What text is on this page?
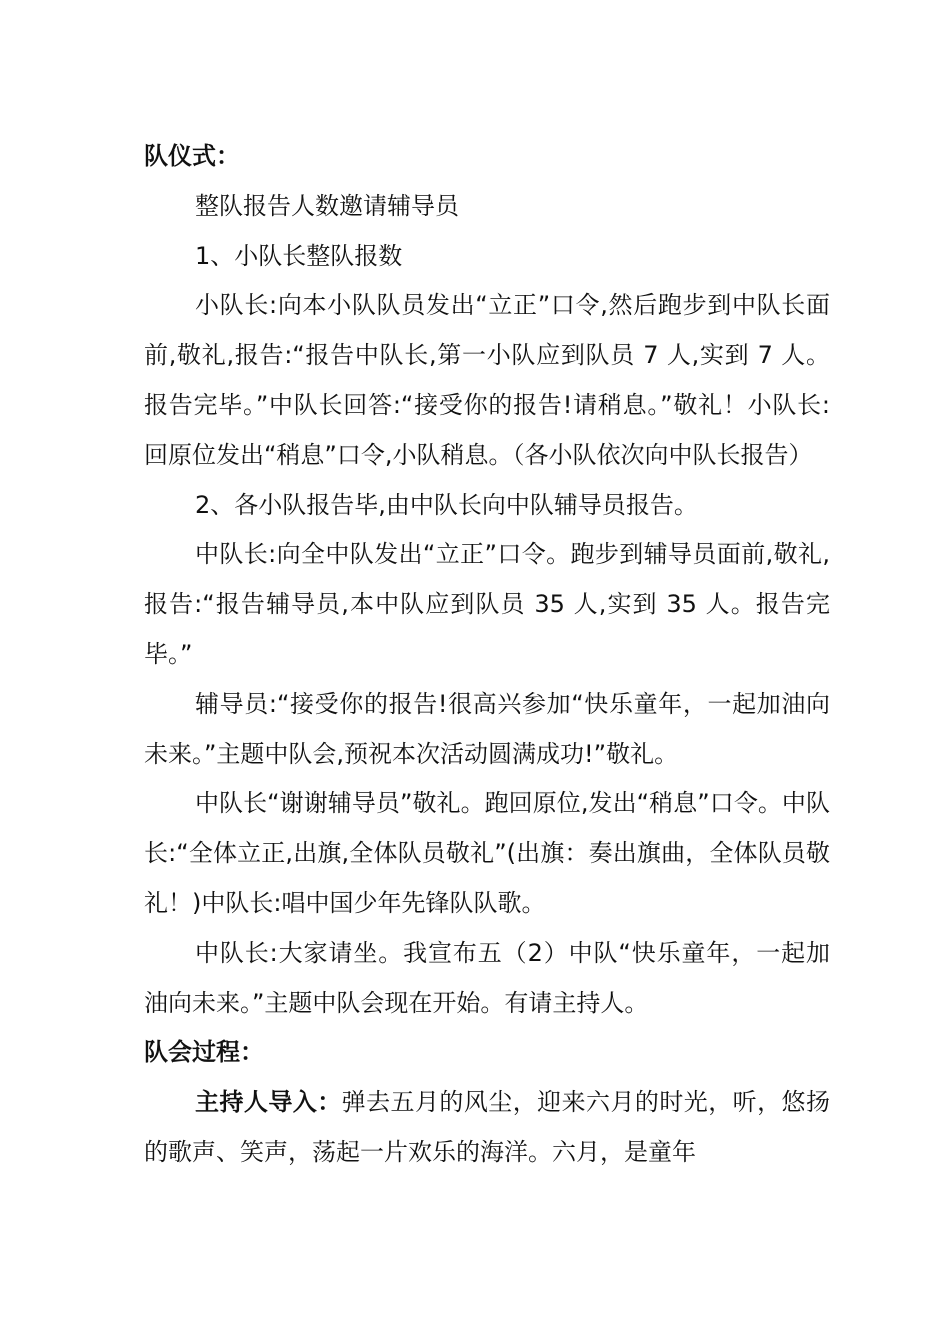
队仪式：

整队报告人数邀请辅导员

1、小队长整队报数

小队长:向本小队队员发出“立正”口令,然后跑步到中队长面前,敬礼,报告:“报告中队长,第一小队应到队员 7 人,实到 7 人。报告完毕。”中队长回答:“接受你的报告!请稍息。”敬礼！小队长:回原位发出“稍息”口令,小队稍息。（各小队依次向中队长报告）

2、各小队报告毕,由中队长向中队辅导员报告。

中队长:向全中队发出“立正”口令。跑步到辅导员面前,敬礼,报告:“报告辅导员,本中队应到队员 35 人,实到 35 人。报告完毕。”

辅导员:“接受你的报告!很高兴参加“快乐童年，一起加油向未来。”主题中队会,预祝本次活动圆满成功!”敬礼。

中队长“谢谢辅导员”敬礼。跑回原位,发出“稍息”口令。中队长:“全体立正,出旗,全体队员敬礼”(出旗：奏出旗曲，全体队员敬礼！)中队长:唱中国少年先锋队队歌。

中队长:大家请坐。我宣布五（2）中队“快乐童年，一起加油向未来。”主题中队会现在开始。有请主持人。

队会过程：

主持人导入：弹去五月的风尘，迎来六月的时光，听，悠扬的歌声、笑声，荡起一片欢乐的海洋。六月，是童年
